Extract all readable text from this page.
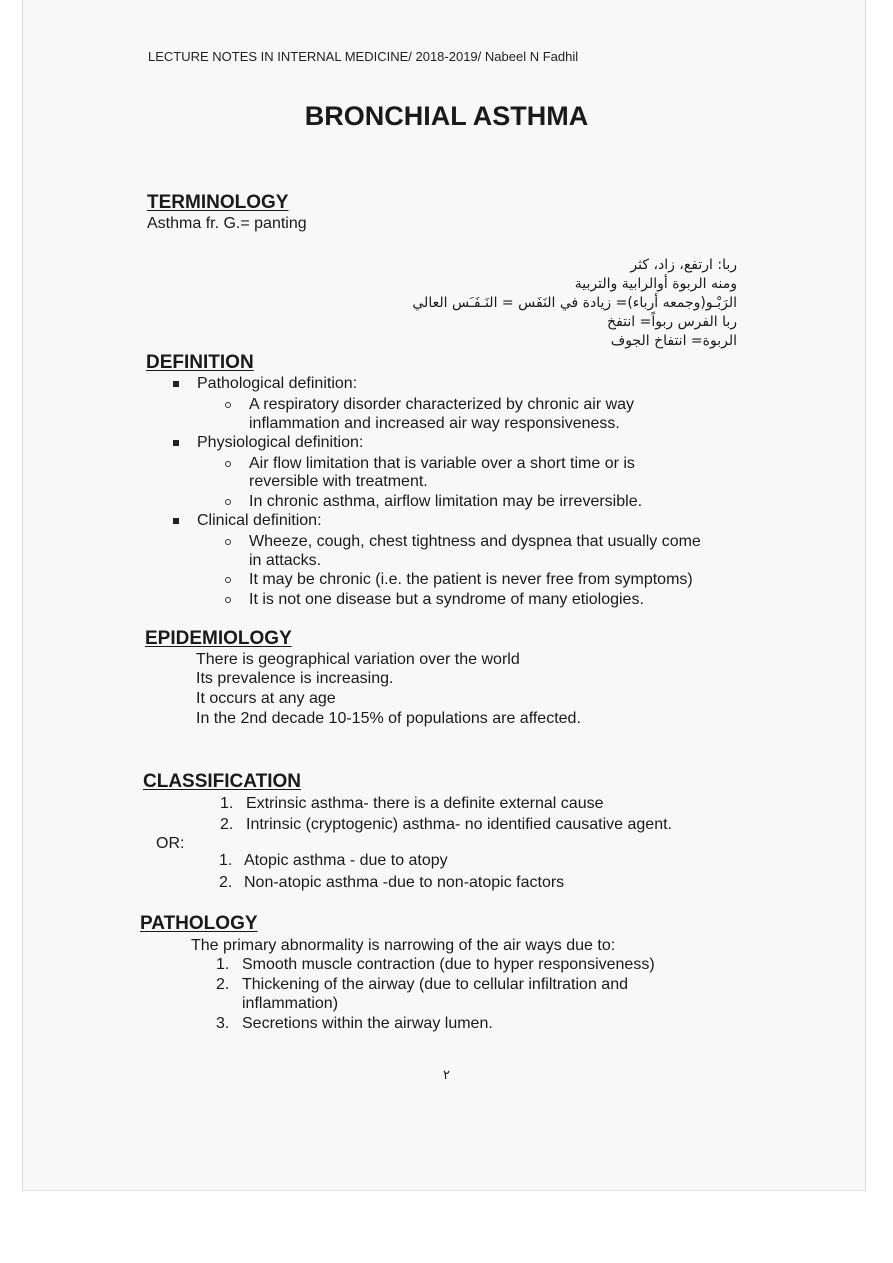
LECTURE NOTES IN INTERNAL MEDICINE/ 2018-2019/ Nabeel N Fadhil
BRONCHIAL ASTHMA
TERMINOLOGY
Asthma fr. G.= panting
ربا: ارتفع، زاد، كثر
ومنه الربوة أوالرابية والتربية
الرَبْـو(وجمعه أرباء)= زيادة في النَفَس = النَـفَـَس العالي
ربا الفرس ربواً= انتفخ
الربوة= انتفاخ الجوف
DEFINITION
Pathological definition:
A respiratory disorder characterized by chronic air way
inflammation and increased air way responsiveness.
Physiological definition:
Air flow limitation that is variable over a short time or is
reversible with treatment.
In chronic asthma, airflow limitation may be irreversible.
Clinical definition:
Wheeze, cough, chest tightness and dyspnea that usually come
in attacks.
It may be chronic (i.e. the patient is never free from symptoms)
It is not one disease but a syndrome of many etiologies.
EPIDEMIOLOGY
There is geographical variation over the world
Its prevalence is increasing.
It occurs at any age
In the 2nd decade 10-15% of populations are affected.
CLASSIFICATION
1. Extrinsic asthma- there is a definite external cause
2. Intrinsic (cryptogenic) asthma- no identified causative agent.
OR:
1. Atopic asthma - due to atopy
2. Non-atopic asthma -due to non-atopic factors
PATHOLOGY
The primary abnormality is narrowing of the air ways due to:
1. Smooth muscle contraction (due to hyper responsiveness)
2. Thickening of the airway (due to cellular infiltration and
inflammation)
3. Secretions within the airway lumen.
٢
